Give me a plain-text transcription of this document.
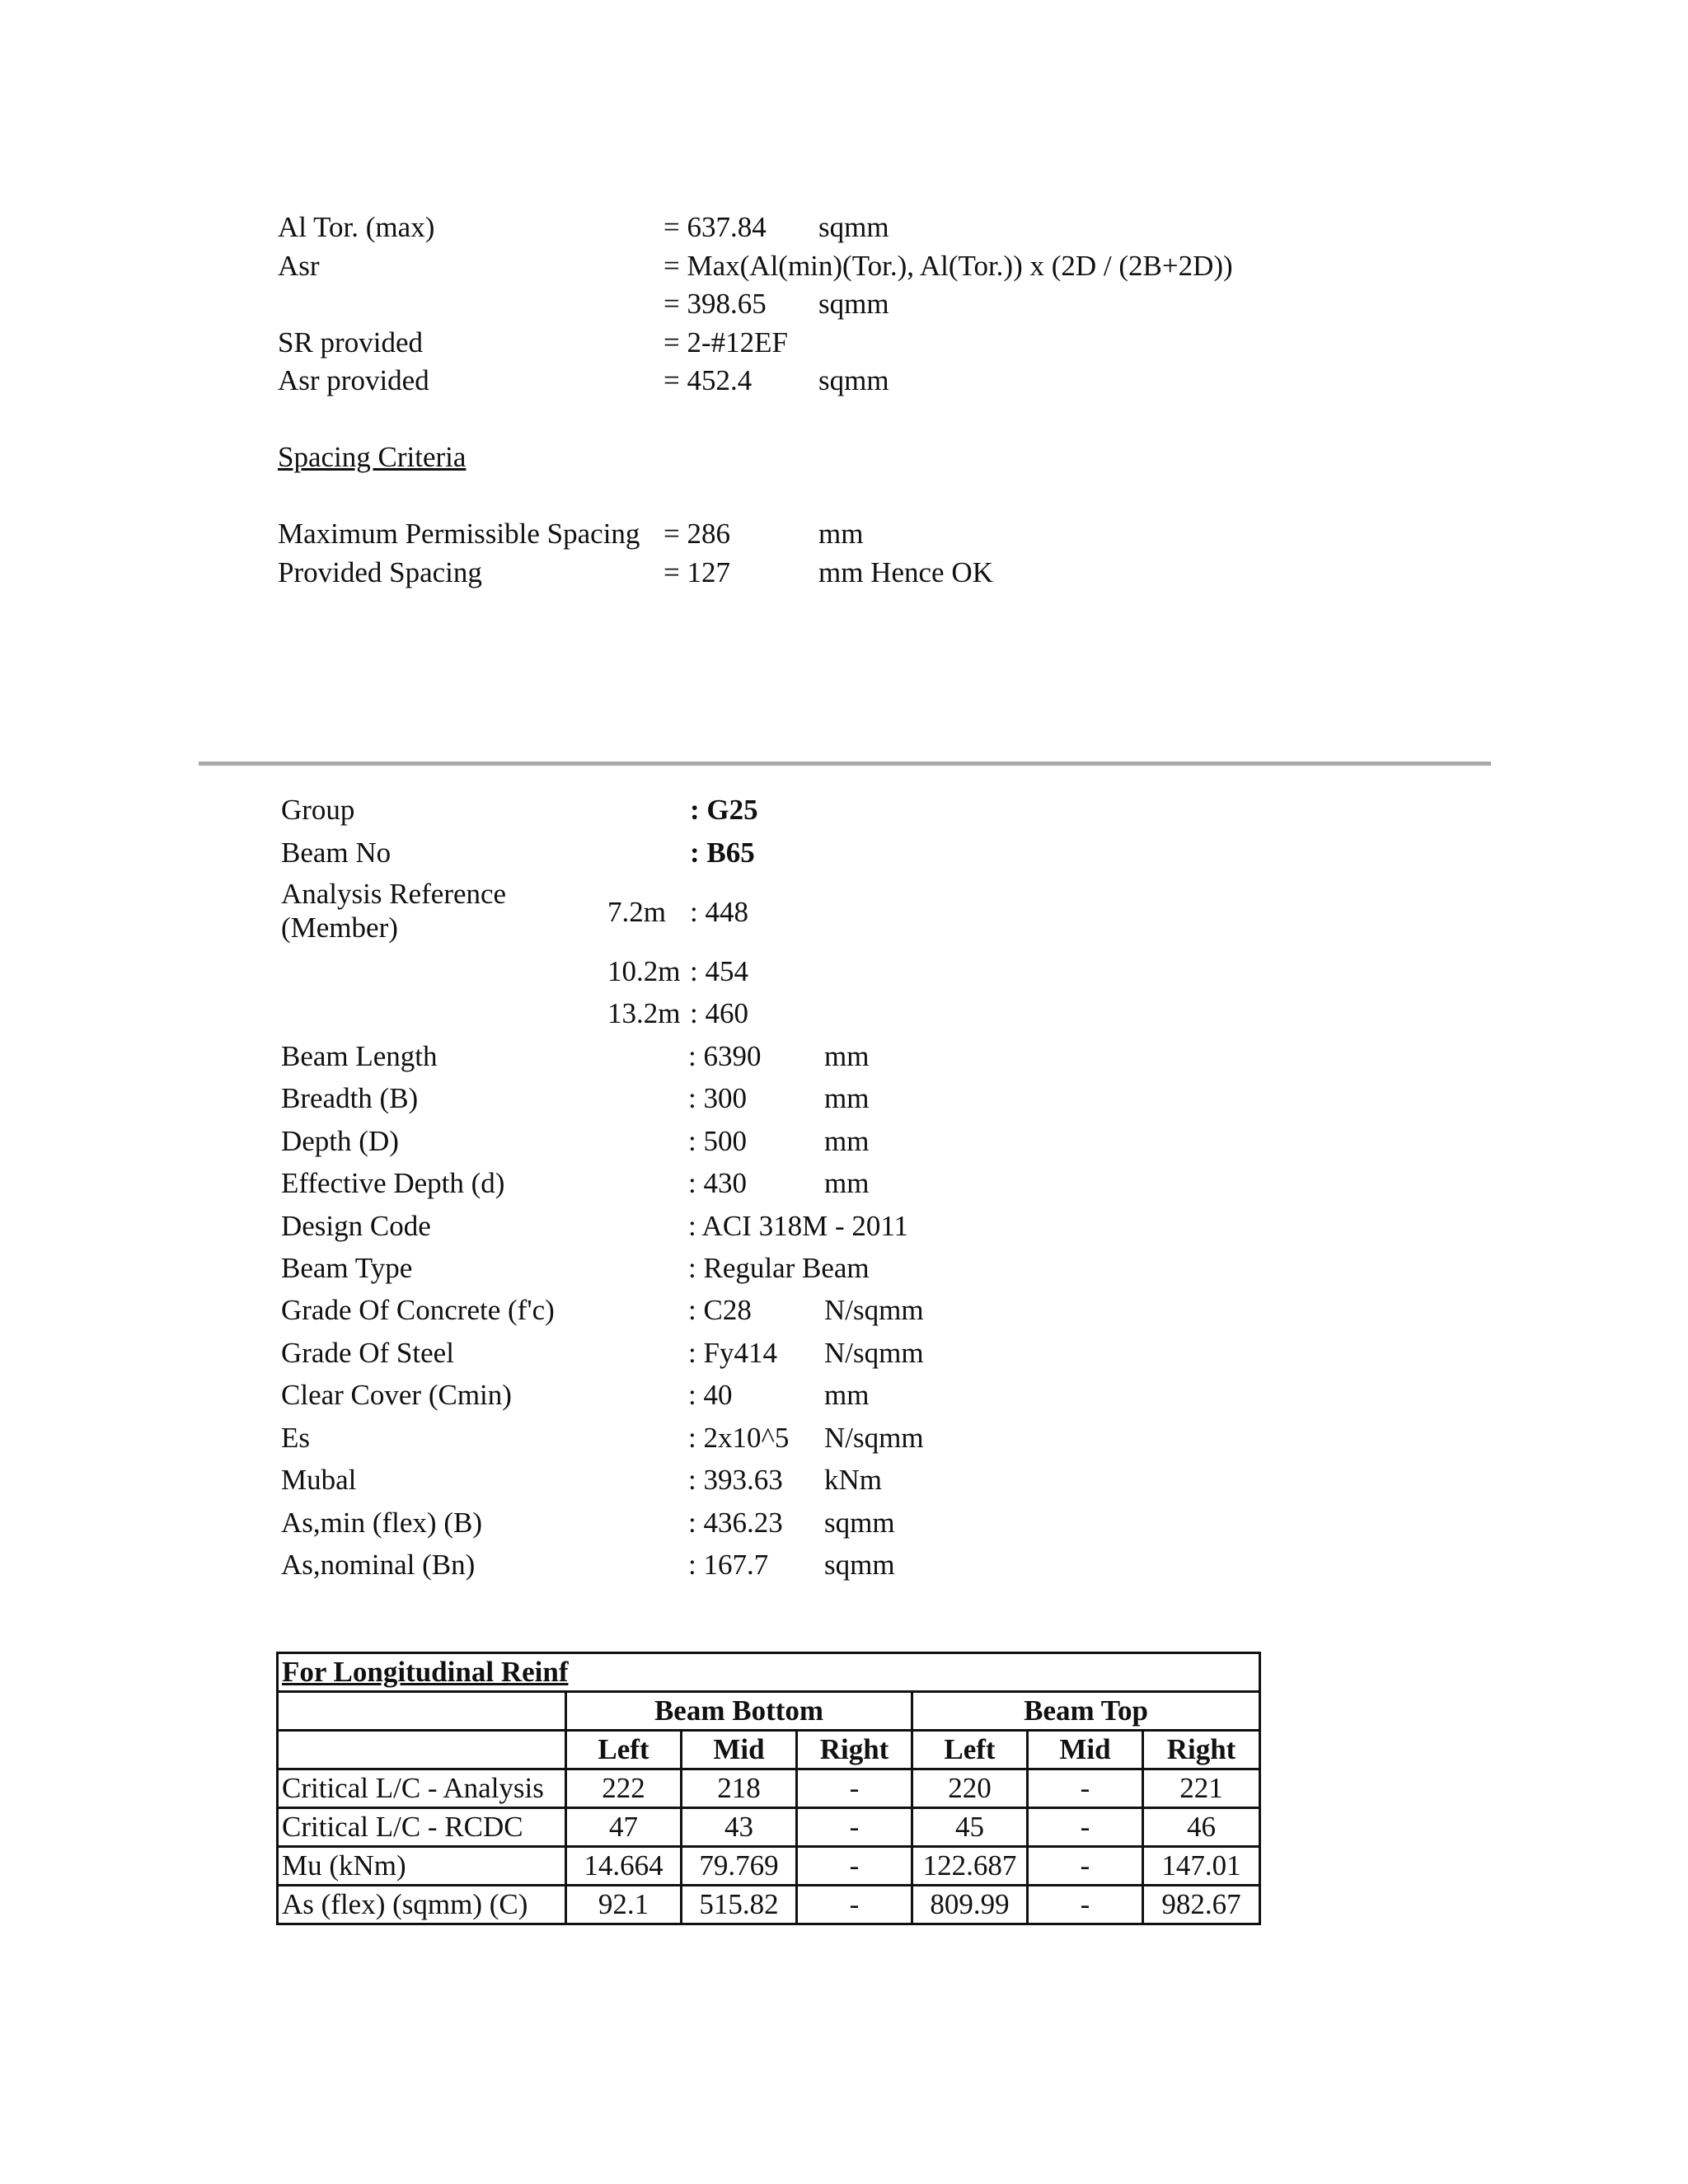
Al Tor. (max)	= 637.84 sqmm
Asr	= Max(Al(min)(Tor.), Al(Tor.)) x (2D / (2B+2D))
= 398.65 sqmm
SR provided	= 2-#12EF
Asr provided	= 452.4 sqmm
Spacing Criteria
Maximum Permissible Spacing = 286	mm
Provided Spacing	= 127	mm Hence OK
Group	: G25
Beam No	: B65
Analysis Reference
(Member)	7.2m : 448
10.2m : 454
13.2m : 460
Beam Length	: 6390 mm
Breadth (B)	: 300	mm
Depth (D)	: 500	mm
Effective Depth (d)	: 430	mm
Design Code	: ACI 318M - 2011
Beam Type	: Regular Beam
Grade Of Concrete (f'c)	: C28	N/sqmm
Grade Of Steel	: Fy414 N/sqmm
Clear Cover (Cmin)	: 40	mm
Es	: 2x10^5 N/sqmm
Mubal	: 393.63 kNm
As,min (flex) (B)	: 436.23 sqmm
As,nominal (Bn)	: 167.7 sqmm
For Longitudinal Reinf						
	Beam Bottom			Beam Top		
	Left	Mid	Right	Left	Mid	Right
Critical L/C - Analysis	222	218	-	220	-	221
Critical L/C - RCDC	47	43	-	45	-	46
Mu (kNm)	14.664	79.769	-	122.687	-	147.01
As (flex) (sqmm) (C)	92.1	515.82	-	809.99	-	982.67
